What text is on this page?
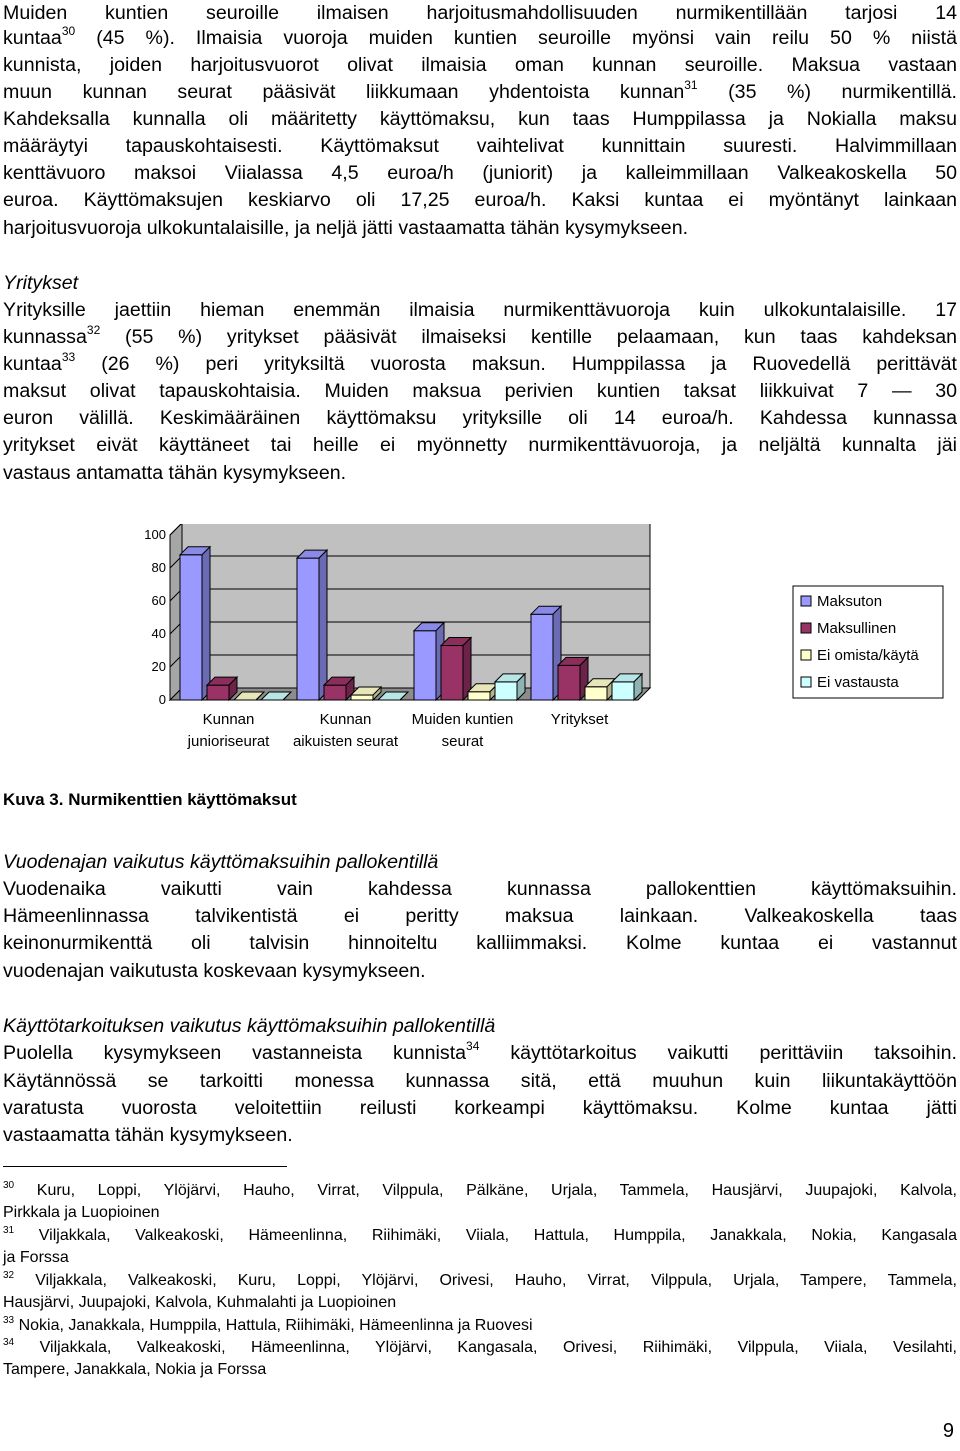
Muiden kuntien seuroille ilmaisen harjoitusmahdollisuuden nurmikentillään tarjosi 14
kuntaa$^{30}$ (45 %). Ilmaisia vuoroja muiden kuntien seuroille myönsi vain reilu 50 % niistä
kunnista, joiden harjoitusvuorot olivat ilmaisia oman kunnan seuroille. Maksua vastaan
muun kunnan seurat pääsivät liikkumaan yhdentoista kunnan$^{31}$ (35 %) nurmikentillä.
Kahdeksalla kunnalla oli määritetty käyttömaksu, kun taas Humppilassa ja Nokialla maksu
määräytyi tapauskohtaisesti. Käyttömaksut vaihtelivat kunnittain suuresti. Halvimmillaan
kenttävuoro maksoi Viialassa 4,5 euroa/h (juniorit) ja kalleimmillaan Valkeakoskella 50
euroa. Käyttömaksujen keskiarvo oli 17,25 euroa/h. Kaksi kuntaa ei myöntänyt lainkaan
harjoitusvuoroja ulkokuntalaisille, ja neljä jätti vastaamatta tähän kysymykseen.
Yritykset
Yrityksille jaettiin hieman enemmän ilmaisia nurmikenttävuoroja kuin ulkokuntalaisille. 17
kunnassa$^{32}$ (55 %) yritykset pääsivät ilmaiseksi kentille pelaamaan, kun taas kahdeksan
kuntaa$^{33}$ (26 %) peri yrityksiltä vuorosta maksun. Humppilassa ja Ruovedellä perittävät
maksut olivat tapauskohtaisia. Muiden maksua perivien kuntien taksat liikkuivat 7 — 30
euron välillä. Keskimääräinen käyttömaksu yrityksille oli 14 euroa/h. Kahdessa kunnassa
yritykset eivät käyttäneet tai heille ei myönnetty nurmikenttävuoroja, ja neljältä kunnalta jäi
vastaus antamatta tähän kysymykseen.
0
20
40
60
80
100
Kunnan
junioriseurat
Kunnan
aikuisten seurat
Muiden kuntien
seurat
Yritykset
Maksuton
Maksullinen
Ei omista/käytä
Ei vastausta
Kuva 3. Nurmikenttien käyttömaksut
Vuodenajan vaikutus käyttömaksuihin pallokentillä
Vuodenaika vaikutti vain kahdessa kunnassa pallokenttien käyttömaksuihin.
Hämeenlinnassa talvikentistä ei peritty maksua lainkaan. Valkeakoskella taas
keinonurmikenttä oli talvisin hinnoiteltu kalliimmaksi. Kolme kuntaa ei vastannut
vuodenajan vaikutusta koskevaan kysymykseen.
Käyttötarkoituksen vaikutus käyttömaksuihin pallokentillä
Puolella kysymykseen vastanneista kunnista$^{34}$ käyttötarkoitus vaikutti perittäviin taksoihin.
Käytännössä se tarkoitti monessa kunnassa sitä, että muuhun kuin liikuntakäyttöön
varatusta vuorosta veloitettiin reilusti korkeampi käyttömaksu. Kolme kuntaa jätti
vastaamatta tähän kysymykseen.
$^{30}$ Kuru, Loppi, Ylöjärvi, Hauho, Virrat, Vilppula, Pälkäne, Urjala, Tammela, Hausjärvi, Juupajoki, Kalvola,
Pirkkala ja Luopioinen
$^{31}$ Viljakkala, Valkeakoski, Hämeenlinna, Riihimäki, Viiala, Hattula, Humppila, Janakkala, Nokia, Kangasala
ja Forssa
$^{32}$ Viljakkala, Valkeakoski, Kuru, Loppi, Ylöjärvi, Orivesi, Hauho, Virrat, Vilppula, Urjala, Tampere, Tammela,
Hausjärvi, Juupajoki, Kalvola, Kuhmalahti ja Luopioinen
$^{33}$ Nokia, Janakkala, Humppila, Hattula, Riihimäki, Hämeenlinna ja Ruovesi
$^{34}$ Viljakkala, Valkeakoski, Hämeenlinna, Ylöjärvi, Kangasala, Orivesi, Riihimäki, Vilppula, Viiala, Vesilahti,
Tampere, Janakkala, Nokia ja Forssa
9
